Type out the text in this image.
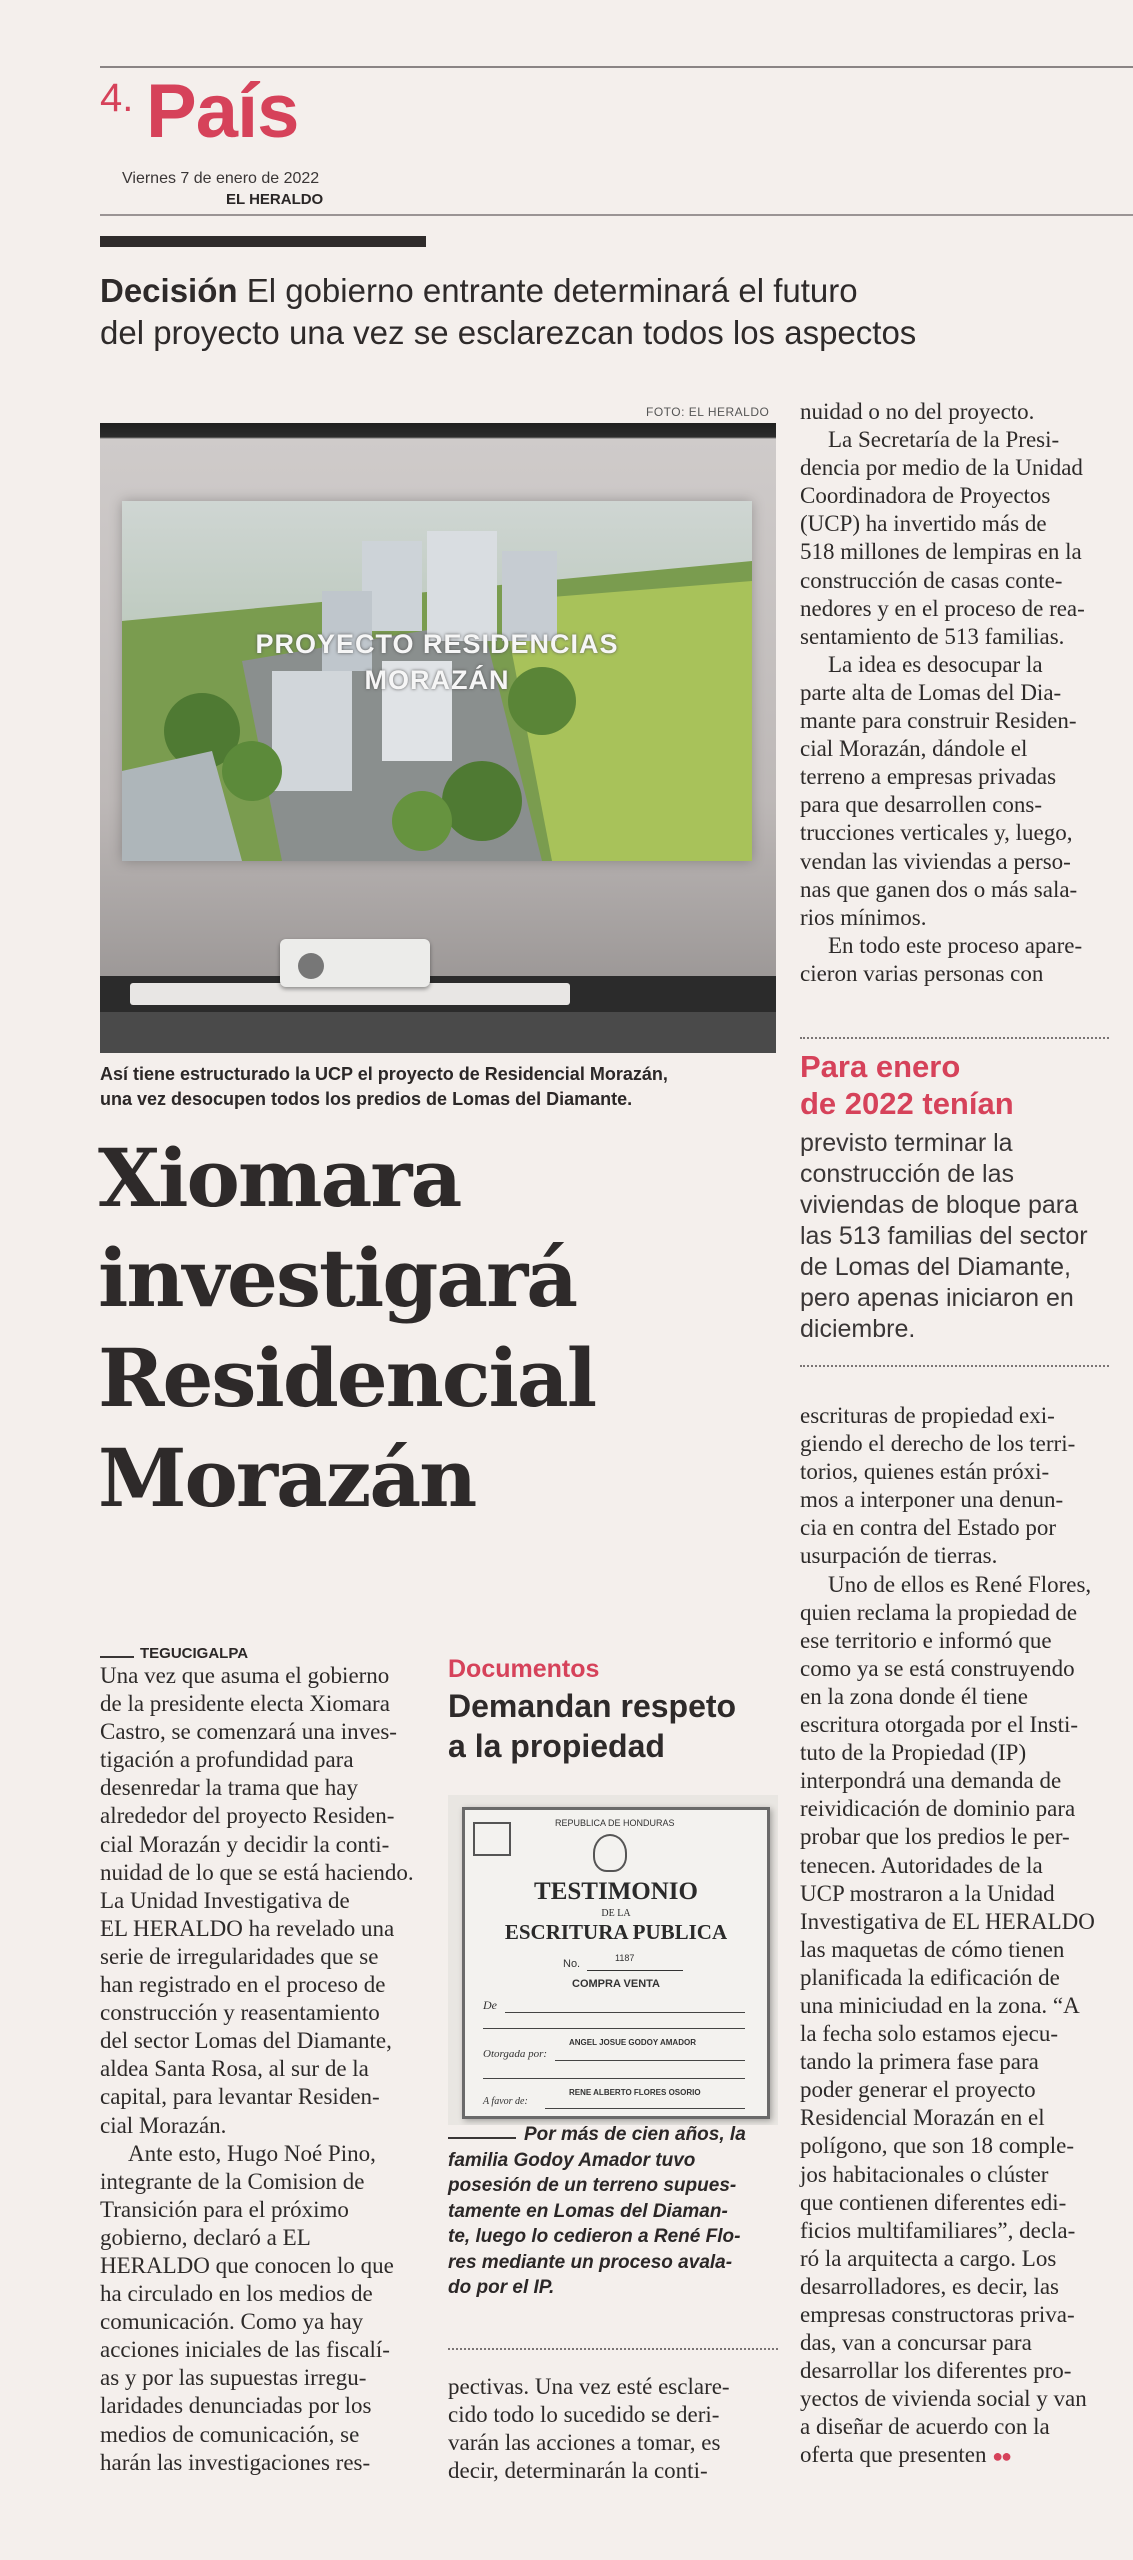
4. País
Viernes 7 de enero de 2022
EL HERALDO
Decisión El gobierno entrante determinará el futuro
del proyecto una vez se esclarezcan todos los aspectos
FOTO: EL HERALDO
PROYECTO RESIDENCIAS
MORAZÁN
Así tiene estructurado la UCP el proyecto de Residencial Morazán,
una vez desocupen todos los predios de Lomas del Diamante.
Xiomara
investigará
Residencial
Morazán
TEGUCIGALPA

Una vez que asuma el gobierno

de la presidente electa Xiomara

Castro, se comenzará una inves-

tigación a profundidad para

desenredar la trama que hay

alrededor del proyecto Residen-

cial Morazán y decidir la conti-

nuidad de lo que se está haciendo.

La Unidad Investigativa de

EL HERALDO ha revelado una

serie de irregularidades que se

han registrado en el proceso de

construcción y reasentamiento

del sector Lomas del Diamante,

aldea Santa Rosa, al sur de la

capital, para levantar Residen-

cial Morazán.

Ante esto, Hugo Noé Pino,

integrante de la Comision de

Transición para el próximo

gobierno, declaró a EL

HERALDO que conocen lo que

ha circulado en los medios de

comunicación. Como ya hay

acciones iniciales de las fiscalí-

as y por las supuestas irregu-

laridades denunciadas por los

medios de comunicación, se

harán las investigaciones res-

Documentos
Demandan respeto
a la propiedad
REPUBLICA DE HONDURAS
TESTIMONIO
DE LA
ESCRITURA PUBLICA
No.	1187
COMPRA VENTA
De
ANGEL JOSUE GODOY AMADOR
Otorgada por:
RENE ALBERTO FLORES OSORIO
A favor de:
Por más de cien años, la
familia Godoy Amador tuvo
posesión de un terreno supues-
tamente en Lomas del Diaman-
te, luego lo cedieron a René Flo-
res mediante un proceso avala-
do por el IP.

pectivas. Una vez esté esclare-

cido todo lo sucedido se deri-

varán las acciones a tomar, es

decir, determinarán la conti-

nuidad o no del proyecto.

La Secretaría de la Presi-

dencia por medio de la Unidad

Coordinadora de Proyectos

(UCP) ha invertido más de

518 millones de lempiras en la

construcción de casas conte-

nedores y en el proceso de rea-

sentamiento de 513 familias.

La idea es desocupar la

parte alta de Lomas del Dia-

mante para construir Residen-

cial Morazán, dándole el

terreno a empresas privadas

para que desarrollen cons-

trucciones verticales y, luego,

vendan las viviendas a perso-

nas que ganen dos o más sala-

rios mínimos.

En todo este proceso apare-

cieron varias personas con

Para enero
de 2022 tenían
previsto terminar la
construcción de las
viviendas de bloque para
las 513 familias del sector
de Lomas del Diamante,
pero apenas iniciaron en
diciembre.

escrituras de propiedad exi-

giendo el derecho de los terri-

torios, quienes están próxi-

mos a interponer una denun-

cia en contra del Estado por

usurpación de tierras.

Uno de ellos es René Flores,

quien reclama la propiedad de

ese territorio e informó que

como ya se está construyendo

en la zona donde él tiene

escritura otorgada por el Insti-

tuto de la Propiedad (IP)

interpondrá una demanda de

reividicación de dominio para

probar que los predios le per-

tenecen. Autoridades de la

UCP mostraron a la Unidad

Investigativa de EL HERALDO

las maquetas de cómo tienen

planificada la edificación de

una miniciudad en la zona. “A

la fecha solo estamos ejecu-

tando la primera fase para

poder generar el proyecto

Residencial Morazán en el

polígono, que son 18 comple-

jos habitacionales o clúster

que contienen diferentes edi-

ficios multifamiliares”, decla-

ró la arquitecta a cargo. Los

desarrolladores, es decir, las

empresas constructoras priva-

das, van a concursar para

desarrollar los diferentes pro-

yectos de vivienda social y van

a diseñar de acuerdo con la

oferta que presenten ●●
